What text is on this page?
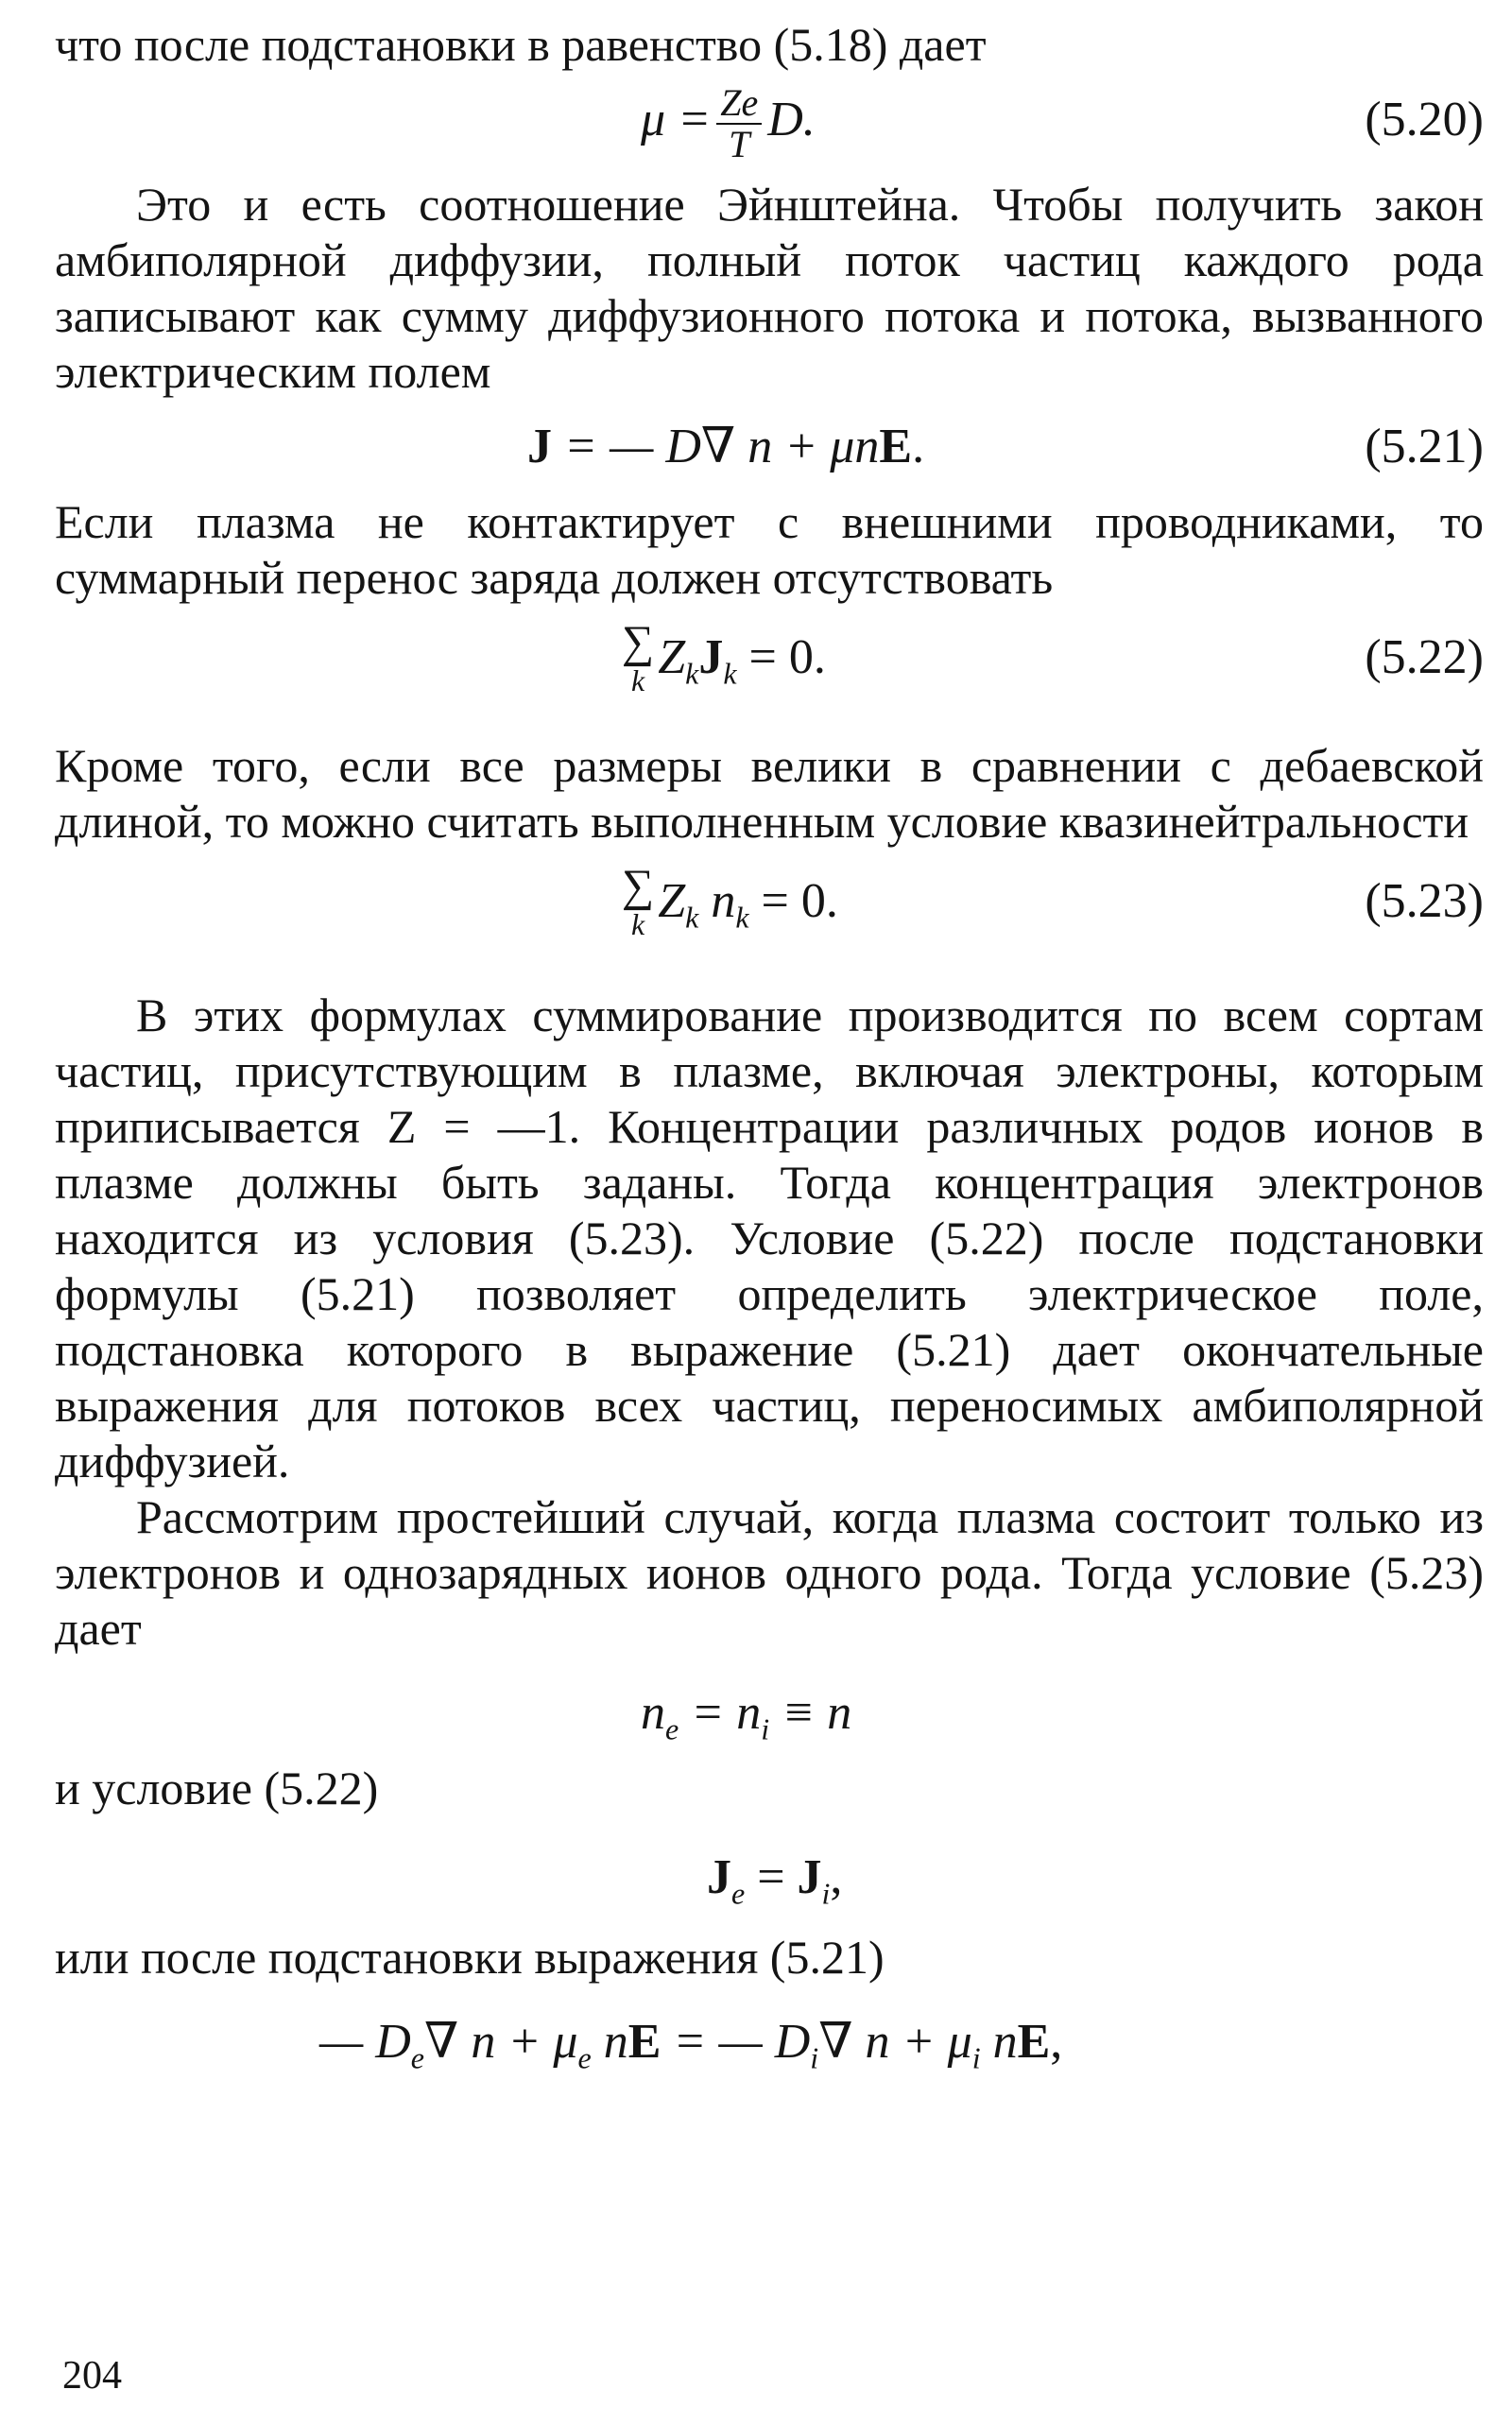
что после подстановки в равенство (5.18) дает

$\mu = \frac{Ze}{T} D$.	(5.20)

Это и есть соотношение Эйнштейна. Чтобы получить закон амбиполярной диффузии, полный поток частиц каждого рода записывают как сумму диффузионного потока и потока, вызванного электрическим полем

J = — D∇ n + μnE.	(5.21)

Если плазма не контактирует с внешними проводниками, то суммарный перенос заряда должен отсутствовать

∑
k $Z_kJ_k = 0$.	(5.22)

Кроме того, если все размеры велики в сравнении с дебаевской длиной, то можно считать выполненным условие квазинейтральности

∑
k $Z_k$ $n_k = 0$.	(5.23)

В этих формулах суммирование производится по всем сортам частиц, присутствующим в плазме, включая электроны, которым приписывается Z = —1. Концентрации различных родов ионов в плазме должны быть заданы. Тогда концентрация электронов находится из условия (5.23). Условие (5.22) после подстановки формулы (5.21) позволяет определить электрическое поле, подстановка которого в выражение (5.21) дает окончательные выражения для потоков всех частиц, переносимых амбиполярной диффузией.

Рассмотрим простейший случай, когда плазма состоит только из электронов и однозарядных ионов одного рода. Тогда условие (5.23) дает

$n_e = n_i \equiv n$

и условие (5.22)

$J_e = J_i$,

или после подстановки выражения (5.21)

— $D_e\nabla$ $n + \mu_e$ nE = — $D_i\nabla$ $n + \mu_i$ nE,
204
